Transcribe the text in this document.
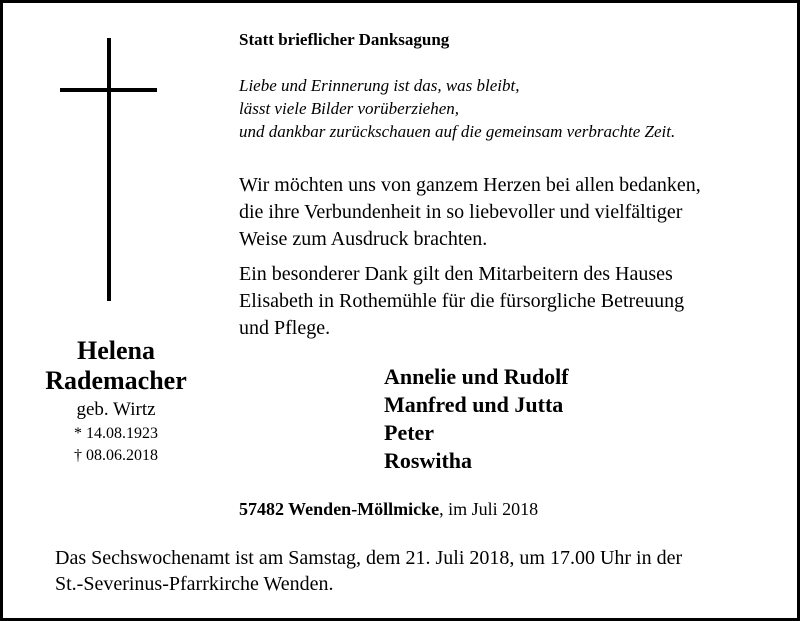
Helena
Rademacher
geb. Wirtz
* 14.08.1923
† 08.06.2018
Statt brieflicher Danksagung
Liebe und Erinnerung ist das, was bleibt,
lässt viele Bilder vorüberziehen,
und dankbar zurückschauen auf die gemeinsam verbrachte Zeit.
Wir möchten uns von ganzem Herzen bei allen bedanken,
die ihre Verbundenheit in so liebevoller und vielfältiger
Weise zum Ausdruck brachten.
Ein besonderer Dank gilt den Mitarbeitern des Hauses
Elisabeth in Rothemühle für die fürsorgliche Betreuung
und Pflege.
Annelie und Rudolf
Manfred und Jutta
Peter
Roswitha
57482 Wenden-Möllmicke, im Juli 2018
Das Sechswochenamt ist am Samstag, dem 21. Juli 2018, um 17.00 Uhr in der
St.-Severinus-Pfarrkirche Wenden.
